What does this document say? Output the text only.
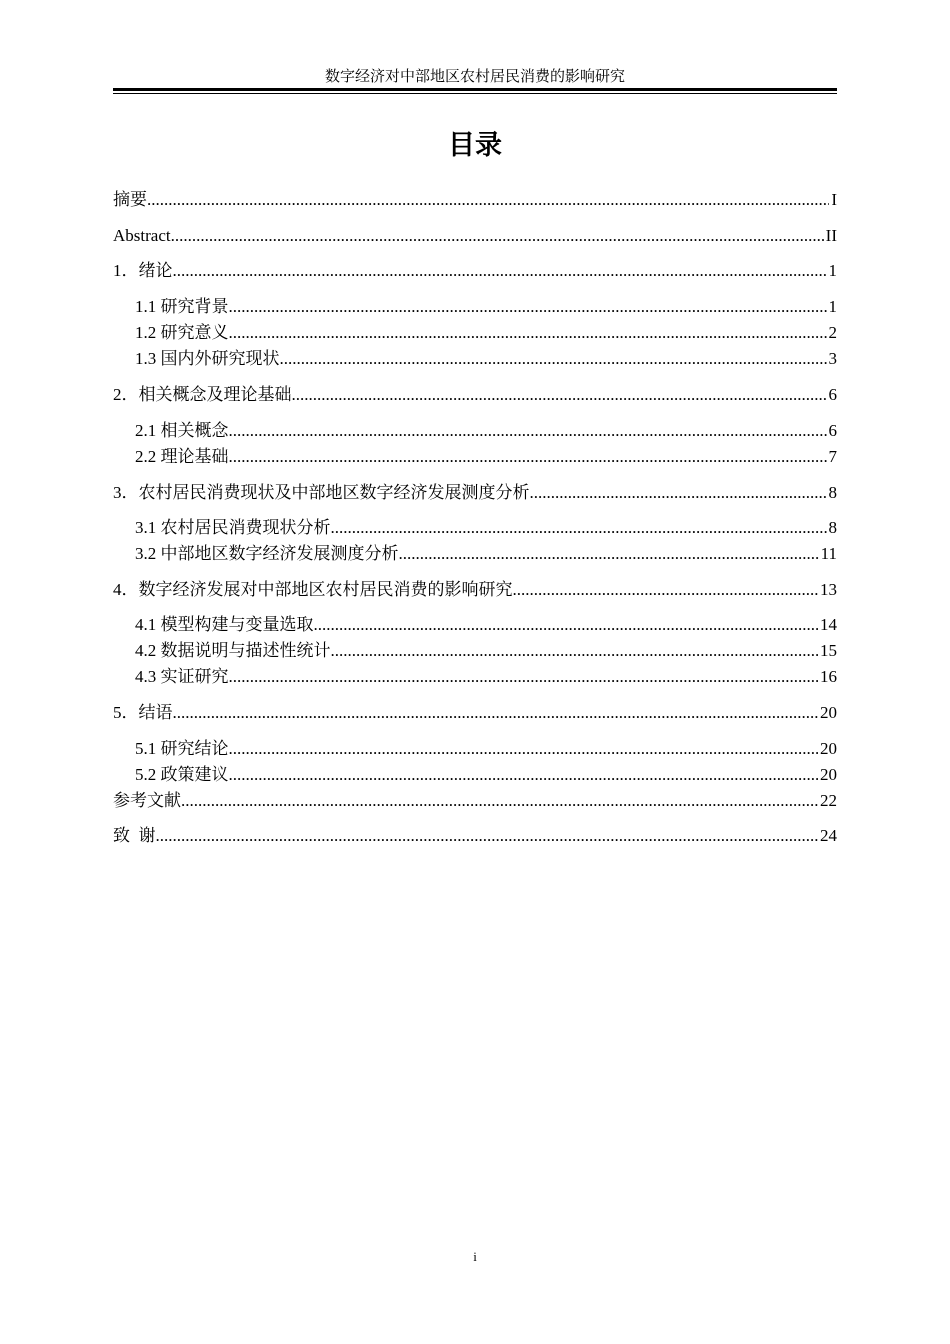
数字经济对中部地区农村居民消费的影响研究
目录
摘要 .....	I
Abstract .....	II
1．绪论 .....	1
1.1 研究背景 .....	1
1.2 研究意义 .....	2
1.3 国内外研究现状 .....	3
2．相关概念及理论基础 .....	6
2.1 相关概念 .....	6
2.2 理论基础 .....	7
3．农村居民消费现状及中部地区数字经济发展测度分析 .....	8
3.1 农村居民消费现状分析 .....	8
3.2 中部地区数字经济发展测度分析 .....	11
4．数字经济发展对中部地区农村居民消费的影响研究 .....	13
4.1 模型构建与变量选取 .....	14
4.2 数据说明与描述性统计 .....	15
4.3 实证研究 .....	16
5．结语 .....	20
5.1 研究结论 .....	20
5.2 政策建议 .....	20
参考文献 .....	22
致  谢 .....	24
i
